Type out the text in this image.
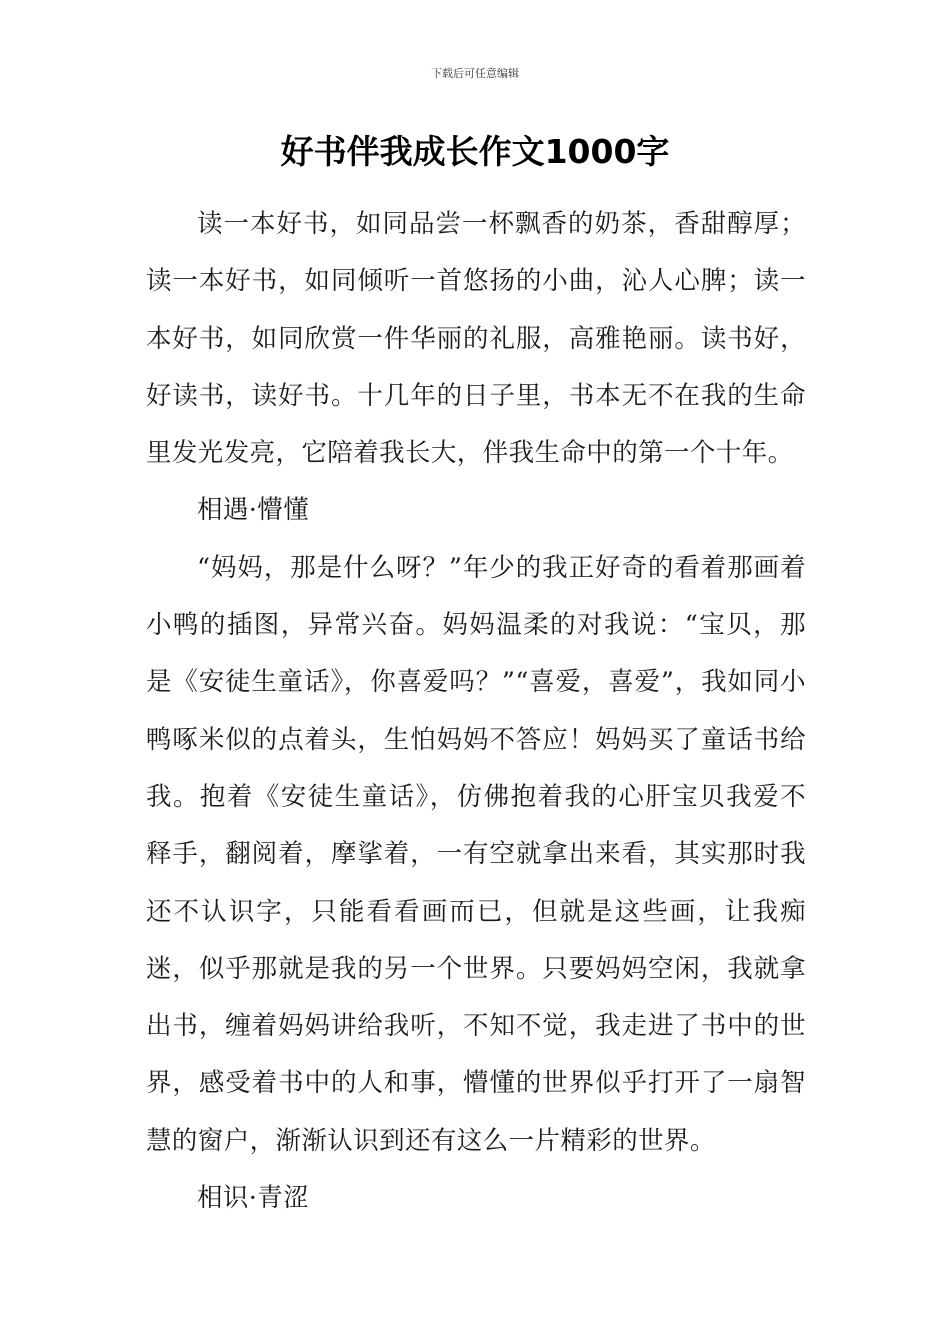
下载后可任意编辑
好书伴我成长作文1000字

读一本好书，如同品尝一杯飘香的奶茶，香甜醇厚；读一本好书，如同倾听一首悠扬的小曲，沁人心脾；读一本好书，如同欣赏一件华丽的礼服，高雅艳丽。读书好，好读书，读好书。十几年的日子里，书本无不在我的生命里发光发亮，它陪着我长大，伴我生命中的第一个十年。

相遇·懵懂

“妈妈，那是什么呀？”年少的我正好奇的看着那画着小鸭的插图，异常兴奋。妈妈温柔的对我说：“宝贝，那是《安徒生童话》，你喜爱吗？”“喜爱，喜爱”，我如同小鸭啄米似的点着头，生怕妈妈不答应！妈妈买了童话书给我。抱着《安徒生童话》，仿佛抱着我的心肝宝贝我爱不释手，翻阅着，摩挲着，一有空就拿出来看，其实那时我还不认识字，只能看看画而已，但就是这些画，让我痴迷，似乎那就是我的另一个世界。只要妈妈空闲，我就拿出书，缠着妈妈讲给我听，不知不觉，我走进了书中的世界，感受着书中的人和事，懵懂的世界似乎打开了一扇智慧的窗户，渐渐认识到还有这么一片精彩的世界。

相识·青涩
